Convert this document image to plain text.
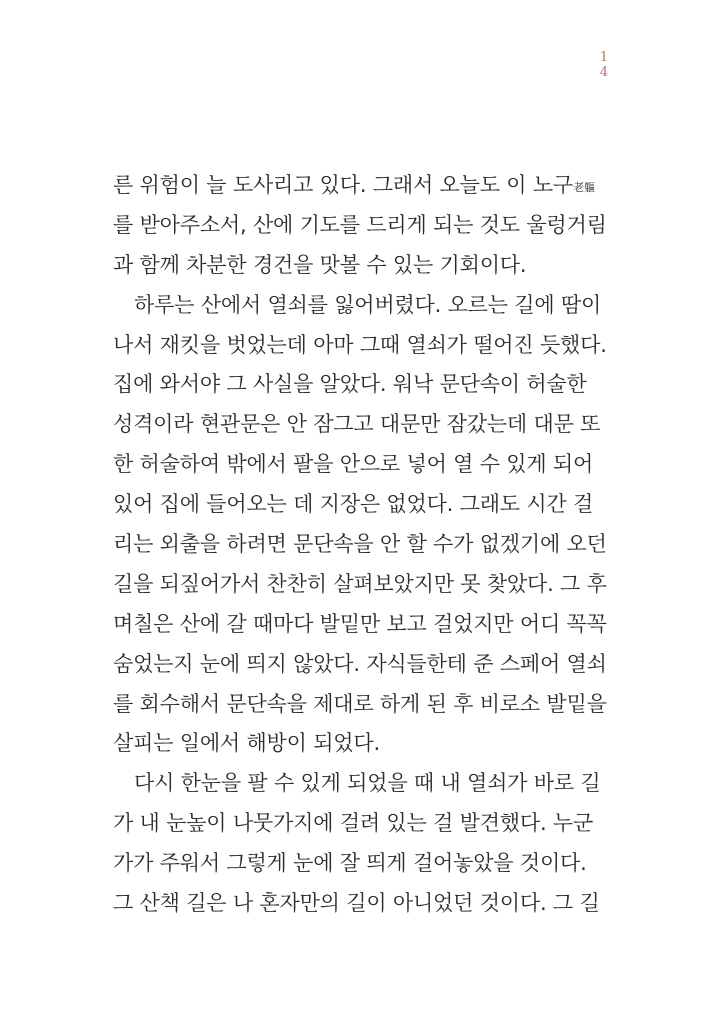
1
4
른 위험이 늘 도사리고 있다. 그래서 오늘도 이 노구老軀
를 받아주소서, 산에 기도를 드리게 되는 것도 울렁거림
과 함께 차분한 경건을 맛볼 수 있는 기회이다.
하루는 산에서 열쇠를 잃어버렸다. 오르는 길에 땀이
나서 재킷을 벗었는데 아마 그때 열쇠가 떨어진 듯했다.
집에 와서야 그 사실을 알았다. 워낙 문단속이 허술한
성격이라 현관문은 안 잠그고 대문만 잠갔는데 대문 또
한 허술하여 밖에서 팔을 안으로 넣어 열 수 있게 되어
있어 집에 들어오는 데 지장은 없었다. 그래도 시간 걸
리는 외출을 하려면 문단속을 안 할 수가 없겠기에 오던
길을 되짚어가서 찬찬히 살펴보았지만 못 찾았다. 그 후
며칠은 산에 갈 때마다 발밑만 보고 걸었지만 어디 꼭꼭
숨었는지 눈에 띄지 않았다. 자식들한테 준 스페어 열쇠
를 회수해서 문단속을 제대로 하게 된 후 비로소 발밑을
살피는 일에서 해방이 되었다.
다시 한눈을 팔 수 있게 되었을 때 내 열쇠가 바로 길
가 내 눈높이 나뭇가지에 걸려 있는 걸 발견했다. 누군
가가 주워서 그렇게 눈에 잘 띄게 걸어놓았을 것이다.
그 산책 길은 나 혼자만의 길이 아니었던 것이다. 그 길
